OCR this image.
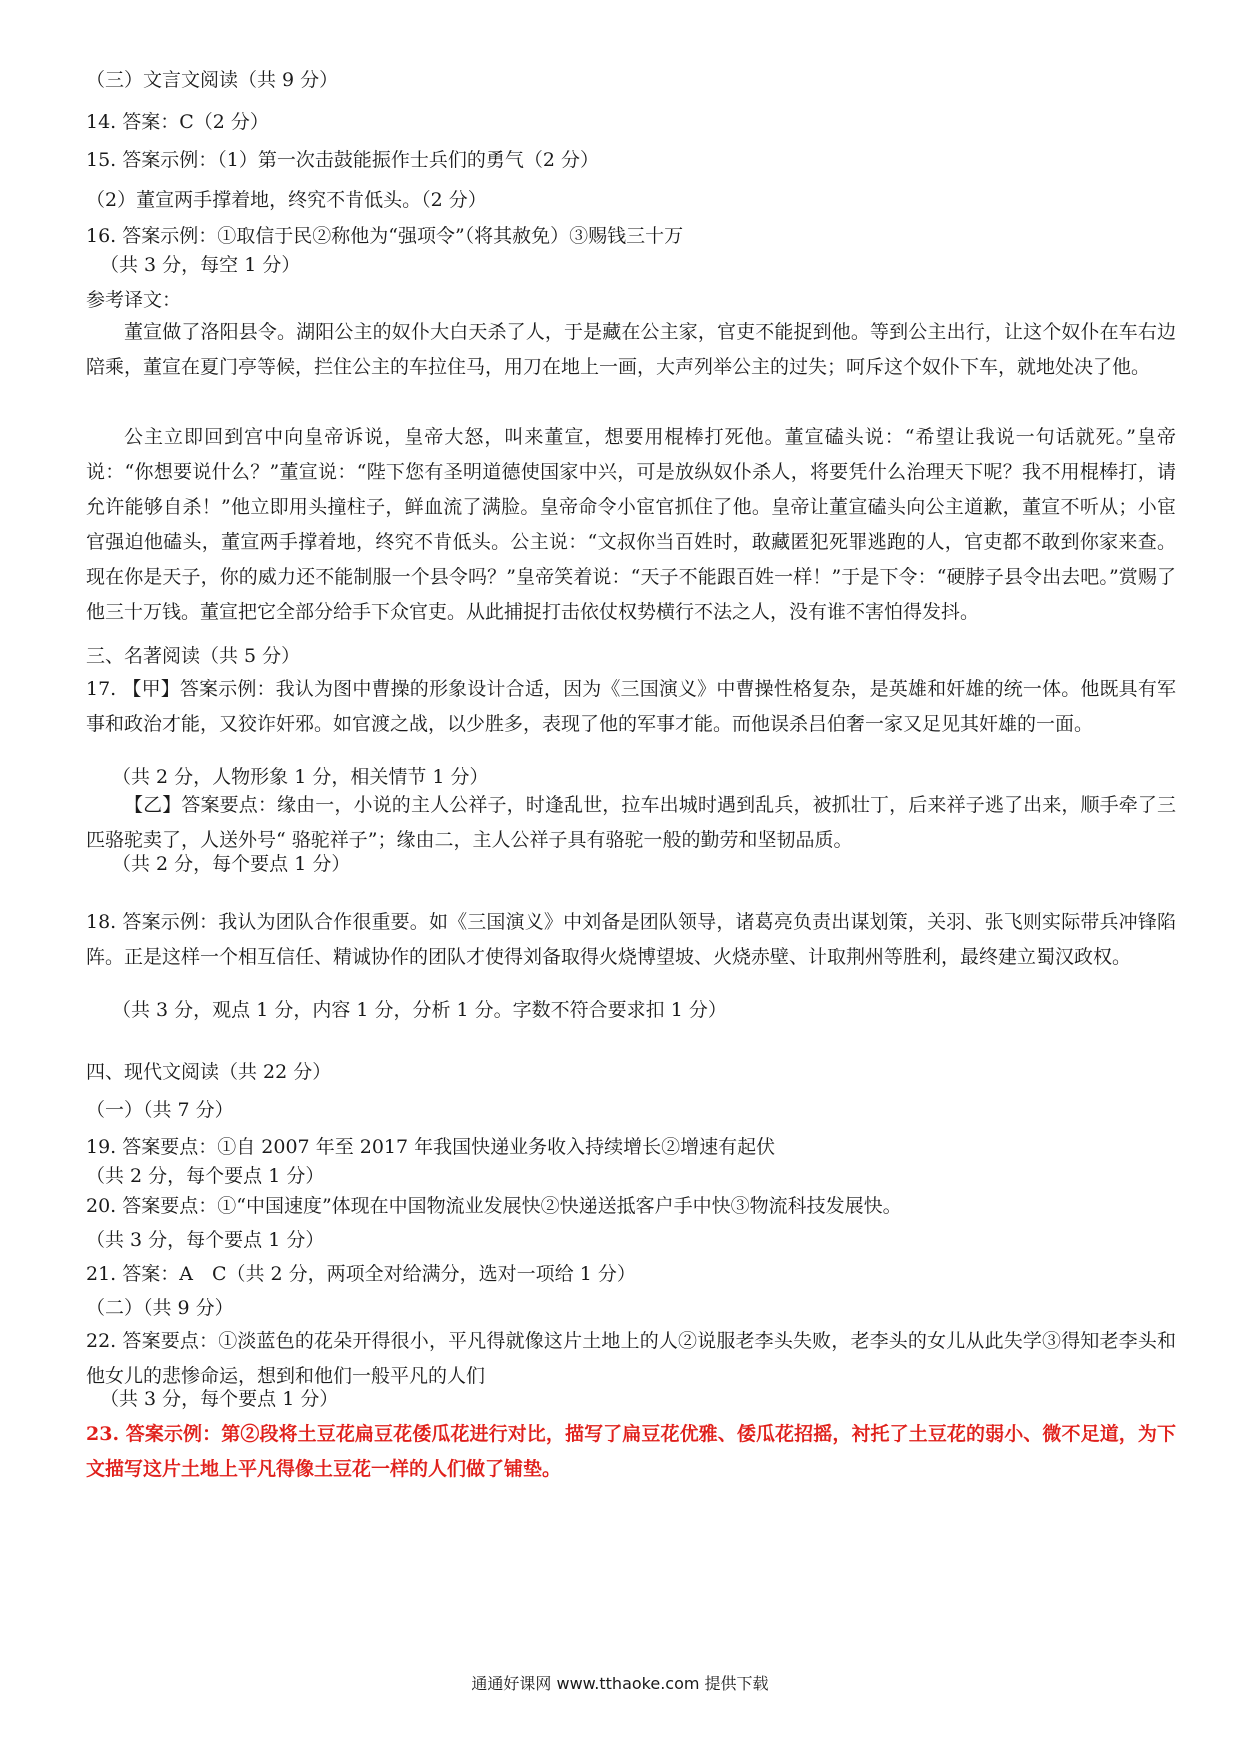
（三）文言文阅读（共 9 分）
14. 答案：C（2 分）
15. 答案示例：（1）第一次击鼓能振作士兵们的勇气（2 分）
（2）董宣两手撑着地，终究不肯低头。（2 分）
16. 答案示例：①取信于民②称他为“强项令”（将其赦免）③赐钱三十万
（共 3 分，每空 1 分）
参考译文：
董宣做了洛阳县令。湖阳公主的奴仆大白天杀了人，于是藏在公主家，官吏不能捉到他。等到公主出行，让这个奴仆在车右边陪乘，董宣在夏门亭等候，拦住公主的车拉住马，用刀在地上一画，大声列举公主的过失；呵斥这个奴仆下车，就地处决了他。
公主立即回到宫中向皇帝诉说，皇帝大怒，叫来董宣，想要用棍棒打死他。董宣磕头说：“希望让我说一句话就死。”皇帝说：“你想要说什么？”董宣说：“陛下您有圣明道德使国家中兴，可是放纵奴仆杀人，将要凭什么治理天下呢？我不用棍棒打，请允许能够自杀！”他立即用头撞柱子，鲜血流了满脸。皇帝命令小宦官抓住了他。皇帝让董宣磕头向公主道歉，董宣不听从；小宦官强迫他磕头，董宣两手撑着地，终究不肯低头。公主说：“文叔你当百姓时，敢藏匿犯死罪逃跑的人，官吏都不敢到你家来查。现在你是天子，你的威力还不能制服一个县令吗？”皇帝笑着说：“天子不能跟百姓一样！”于是下令：“硬脖子县令出去吧。”赏赐了他三十万钱。董宣把它全部分给手下众官吏。从此捕捉打击依仗权势横行不法之人，没有谁不害怕得发抖。
三、名著阅读（共 5 分）
17. 【甲】答案示例：我认为图中曹操的形象设计合适，因为《三国演义》中曹操性格复杂，是英雄和奸雄的统一体。他既具有军事和政治才能，又狡诈奸邪。如官渡之战，以少胜多，表现了他的军事才能。而他误杀吕伯奢一家又足见其奸雄的一面。
（共 2 分，人物形象 1 分，相关情节 1 分）
【乙】答案要点：缘由一，小说的主人公祥子，时逢乱世，拉车出城时遇到乱兵，被抓壮丁，后来祥子逃了出来，顺手牵了三匹骆驼卖了，人送外号“ 骆驼祥子”；缘由二，主人公祥子具有骆驼一般的勤劳和坚韧品质。
（共 2 分，每个要点 1 分）
18. 答案示例：我认为团队合作很重要。如《三国演义》中刘备是团队领导，诸葛亮负责出谋划策，关羽、张飞则实际带兵冲锋陷阵。正是这样一个相互信任、精诚协作的团队才使得刘备取得火烧博望坡、火烧赤壁、计取荆州等胜利，最终建立蜀汉政权。
（共 3 分，观点 1 分，内容 1 分，分析 1 分。字数不符合要求扣 1 分）
四、现代文阅读（共 22 分）
（一）（共 7 分）
19. 答案要点：①自 2007 年至 2017 年我国快递业务收入持续增长②增速有起伏
（共 2 分，每个要点 1 分）
20. 答案要点：①“中国速度”体现在中国物流业发展快②快递送抵客户手中快③物流科技发展快。
（共 3 分，每个要点 1 分）
21. 答案：A　C（共 2 分，两项全对给满分，选对一项给 1 分）
（二）（共 9 分）
22. 答案要点：①淡蓝色的花朵开得很小，平凡得就像这片土地上的人②说服老李头失败，老李头的女儿从此失学③得知老李头和他女儿的悲惨命运，想到和他们一般平凡的人们
（共 3 分，每个要点 1 分）
23. 答案示例：第②段将土豆花扁豆花倭瓜花进行对比，描写了扁豆花优雅、倭瓜花招摇，衬托了土豆花的弱小、微不足道，为下文描写这片土地上平凡得像土豆花一样的人们做了铺垫。
通通好课网 www.tthaoke.com 提供下载
